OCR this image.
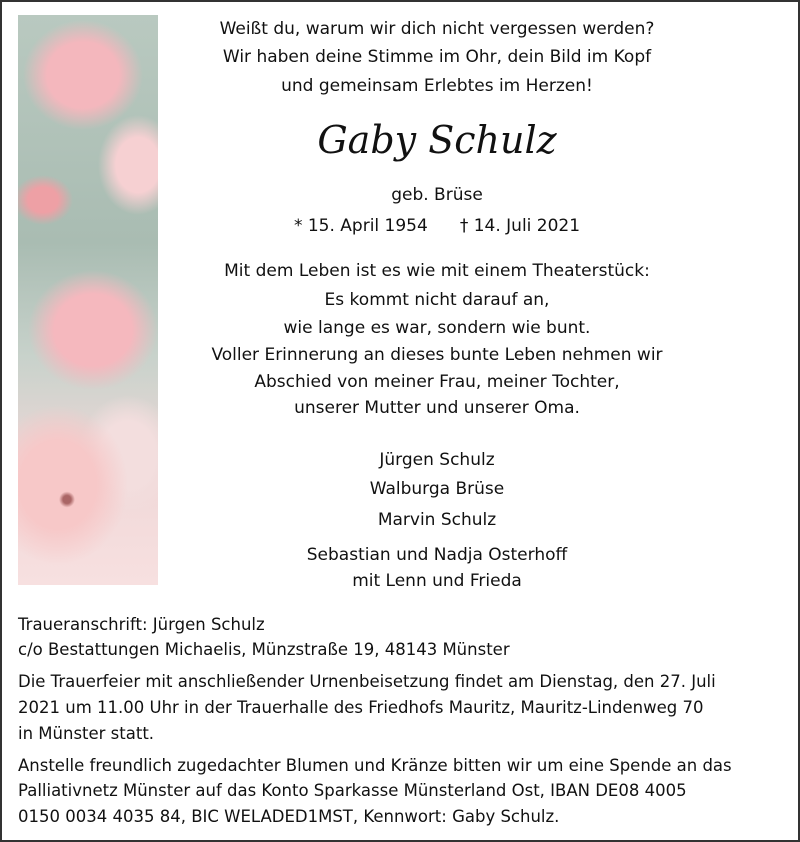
Weißt du, warum wir dich nicht vergessen werden?
Wir haben deine Stimme im Ohr, dein Bild im Kopf
und gemeinsam Erlebtes im Herzen!
Gaby Schulz
geb. Brüse
* 15. April 1954 † 14. Juli 2021
Mit dem Leben ist es wie mit einem Theaterstück:
Es kommt nicht darauf an,
wie lange es war, sondern wie bunt.
Voller Erinnerung an dieses bunte Leben nehmen wir
Abschied von meiner Frau, meiner Tochter,
unserer Mutter und unserer Oma.
Jürgen Schulz
Walburga Brüse
Marvin Schulz
Sebastian und Nadja Osterhoff
mit Lenn und Frieda
Traueranschrift: Jürgen Schulz
c/o Bestattungen Michaelis, Münzstraße 19, 48143 Münster
Die Trauerfeier mit anschließender Urnenbeisetzung findet am Dienstag, den 27. Juli
2021 um 11.00 Uhr in der Trauerhalle des Friedhofs Mauritz, Mauritz-Lindenweg 70
in Münster statt.
Anstelle freundlich zugedachter Blumen und Kränze bitten wir um eine Spende an das
Palliativnetz Münster auf das Konto Sparkasse Münsterland Ost, IBAN DE08 4005
0150 0034 4035 84, BIC WELADED1MST, Kennwort: Gaby Schulz.
